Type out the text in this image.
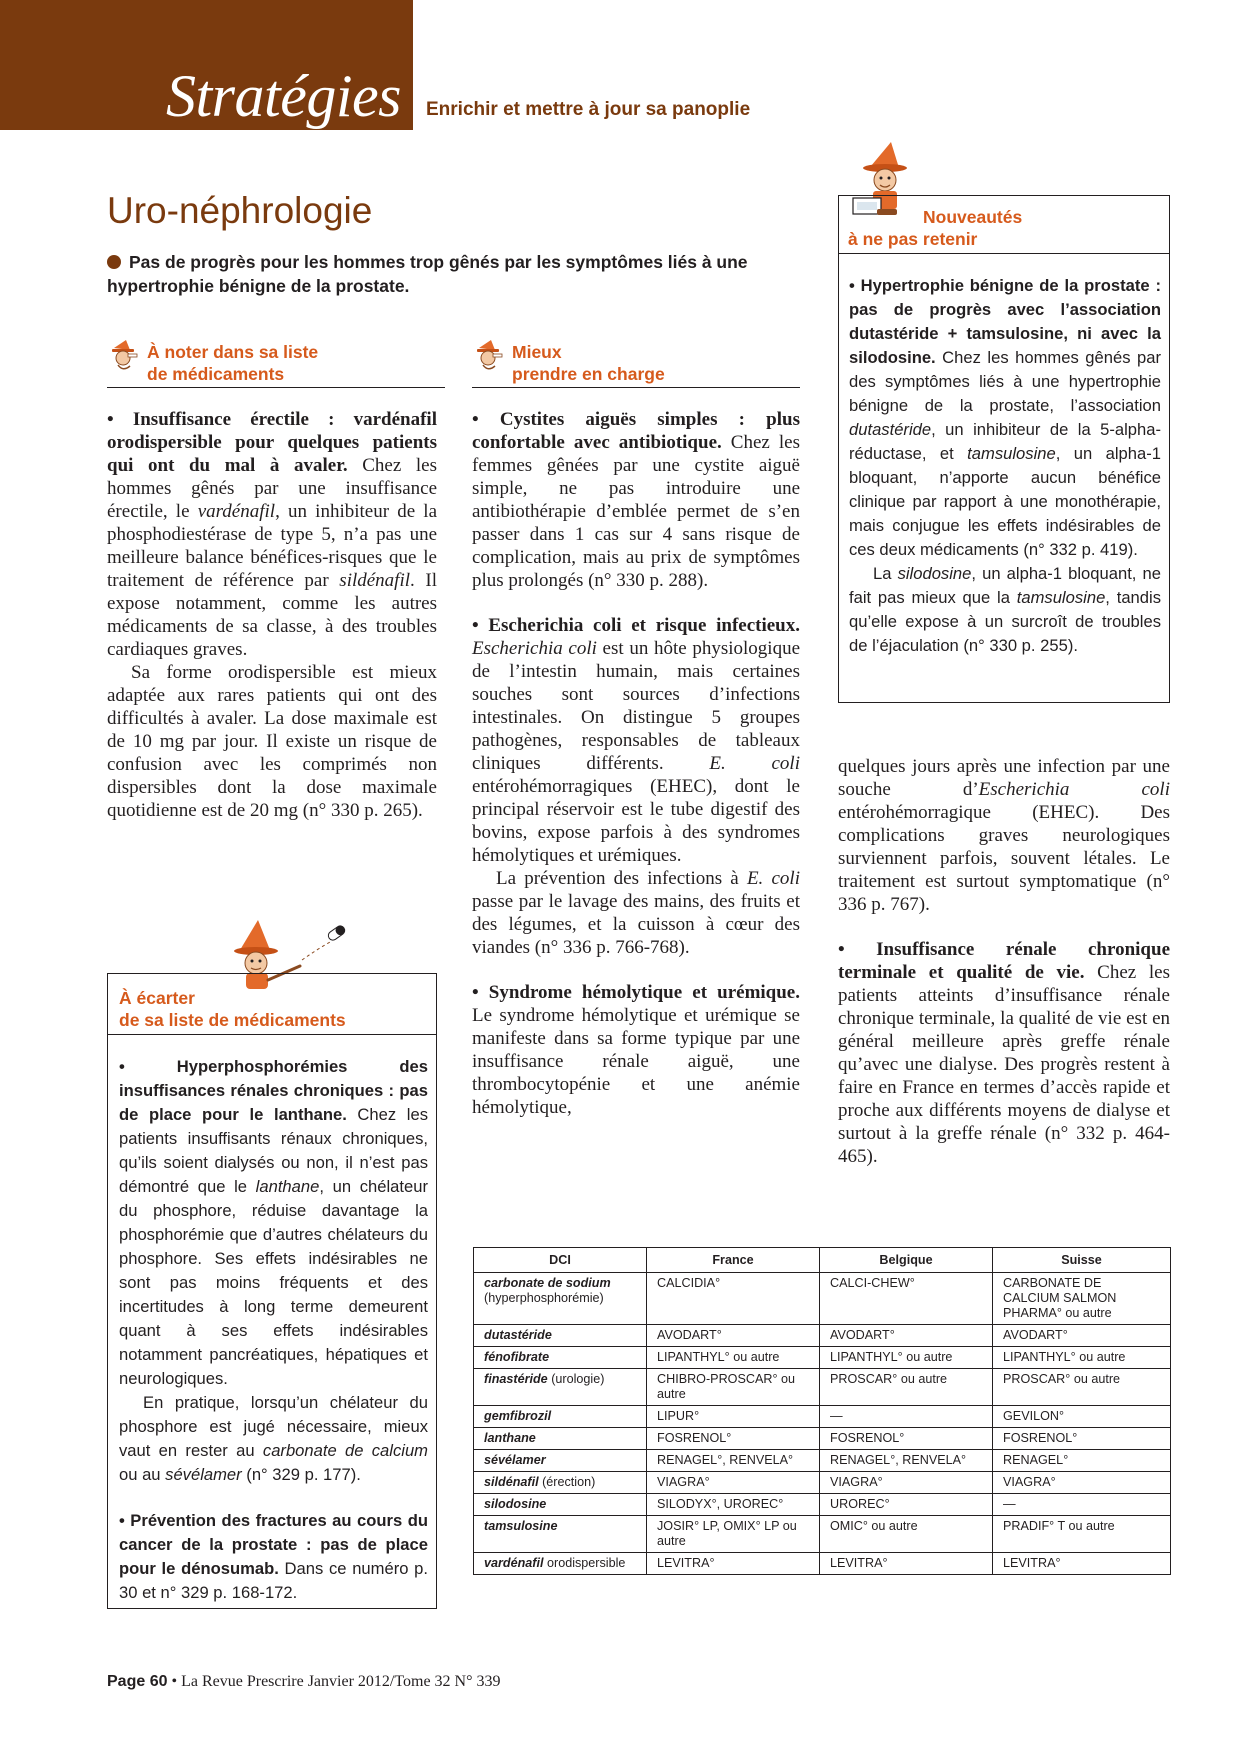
Stratégies Enrichir et mettre à jour sa panoplie
Uro-néphrologie
Pas de progrès pour les hommes trop gênés par les symptômes liés à une hypertrophie bénigne de la prostate.
À noter dans sa liste
de médicaments
Mieux
prendre en charge

• Insuffisance érectile : vardénafil orodispersible pour quelques patients qui ont du mal à avaler. Chez les hommes gênés par une insuffisance érectile, le vardénafil, un inhibiteur de la phosphodiestérase de type 5, n’a pas une meilleure balance bénéfices-risques que le traitement de référence par sildénafil. Il expose notamment, comme les autres médicaments de sa classe, à des troubles cardiaques graves.

Sa forme orodispersible est mieux adaptée aux rares patients qui ont des difficultés à avaler. La dose maximale est de 10 mg par jour. Il existe un risque de confusion avec les comprimés non dispersibles dont la dose maximale quotidienne est de 20 mg (n° 330 p. 265).

• Cystites aiguës simples : plus confortable avec antibiotique. Chez les femmes gênées par une cystite aiguë simple, ne pas introduire une antibiothérapie d’emblée permet de s’en passer dans 1 cas sur 4 sans risque de complication, mais au prix de symptômes plus prolongés (n° 330 p. 288).

• Escherichia coli et risque infectieux. Escherichia coli est un hôte physiologique de l’intestin humain, mais certaines souches sont sources d’infections intestinales. On distingue 5 groupes pathogènes, responsables de tableaux cliniques différents. E. coli entérohémorragiques (EHEC), dont le principal réservoir est le tube digestif des bovins, expose parfois à des syndromes hémolytiques et urémiques.

La prévention des infections à E. coli passe par le lavage des mains, des fruits et des légumes, et la cuisson à cœur des viandes (n° 336 p. 766-768).

• Syndrome hémolytique et urémique. Le syndrome hémolytique et urémique se manifeste dans sa forme typique par une insuffisance rénale aiguë, une thrombocytopénie et une anémie hémolytique,

Nouveautés
à ne pas retenir

• Hypertrophie bénigne de la prostate : pas de progrès avec l’association dutastéride + tamsulosine, ni avec la silodosine. Chez les hommes gênés par des symptômes liés à une hypertrophie bénigne de la prostate, l’association dutastéride, un inhibiteur de la 5-alpha-réductase, et tamsulosine, un alpha-1 bloquant, n’apporte aucun bénéfice clinique par rapport à une monothérapie, mais conjugue les effets indésirables de ces deux médicaments (n° 332 p. 419).

La silodosine, un alpha-1 bloquant, ne fait pas mieux que la tamsulosine, tandis qu’elle expose à un surcroît de troubles de l’éjaculation (n° 330 p. 255).

quelques jours après une infection par une souche d’Escherichia coli entérohémorragique (EHEC). Des complications graves neurologiques surviennent parfois, souvent létales. Le traitement est surtout symptomatique (n° 336 p. 767).

• Insuffisance rénale chronique terminale et qualité de vie. Chez les patients atteints d’insuffisance rénale chronique terminale, la qualité de vie est en général meilleure après greffe rénale qu’avec une dialyse. Des progrès restent à faire en France en termes d’accès rapide et proche aux différents moyens de dialyse et surtout à la greffe rénale (n° 332 p. 464-465).

À écarter
de sa liste de médicaments

• Hyperphosphorémies des insuffisances rénales chroniques : pas de place pour le lanthane. Chez les patients insuffisants rénaux chroniques, qu’ils soient dialysés ou non, il n’est pas démontré que le lanthane, un chélateur du phosphore, réduise davantage la phosphorémie que d’autres chélateurs du phosphore. Ses effets indésirables ne sont pas moins fréquents et des incertitudes à long terme demeurent quant à ses effets indésirables notamment pancréatiques, hépatiques et neurologiques.

En pratique, lorsqu’un chélateur du phosphore est jugé nécessaire, mieux vaut en rester au carbonate de calcium ou au sévélamer (n° 329 p. 177).

• Prévention des fractures au cours du cancer de la prostate : pas de place pour le dénosumab. Dans ce numéro p. 30 et n° 329 p. 168-172.

DCI	France	Belgique	Suisse
carbonate de sodium
(hyperphosphorémie)	CALCIDIA°	CALCI-CHEW°	CARBONATE DE CALCIUM SALMON PHARMA° ou autre
dutastéride	AVODART°	AVODART°	AVODART°
fénofibrate	LIPANTHYL° ou autre	LIPANTHYL° ou autre	LIPANTHYL° ou autre
finastéride (urologie)	CHIBRO-PROSCAR° ou autre	PROSCAR° ou autre	PROSCAR° ou autre
gemfibrozil	LIPUR°	—	GEVILON°
lanthane	FOSRENOL°	FOSRENOL°	FOSRENOL°
sévélamer	RENAGEL°, RENVELA°	RENAGEL°, RENVELA°	RENAGEL°
sildénafil (érection)	VIAGRA°	VIAGRA°	VIAGRA°
silodosine	SILODYX°, UROREC°	UROREC°	—
tamsulosine	JOSIR° LP, OMIX° LP ou autre	OMIC° ou autre	PRADIF° T ou autre
vardénafil orodispersible	LEVITRA°	LEVITRA°	LEVITRA°
Page 60 • La Revue Prescrire Janvier 2012/Tome 32 N° 339
